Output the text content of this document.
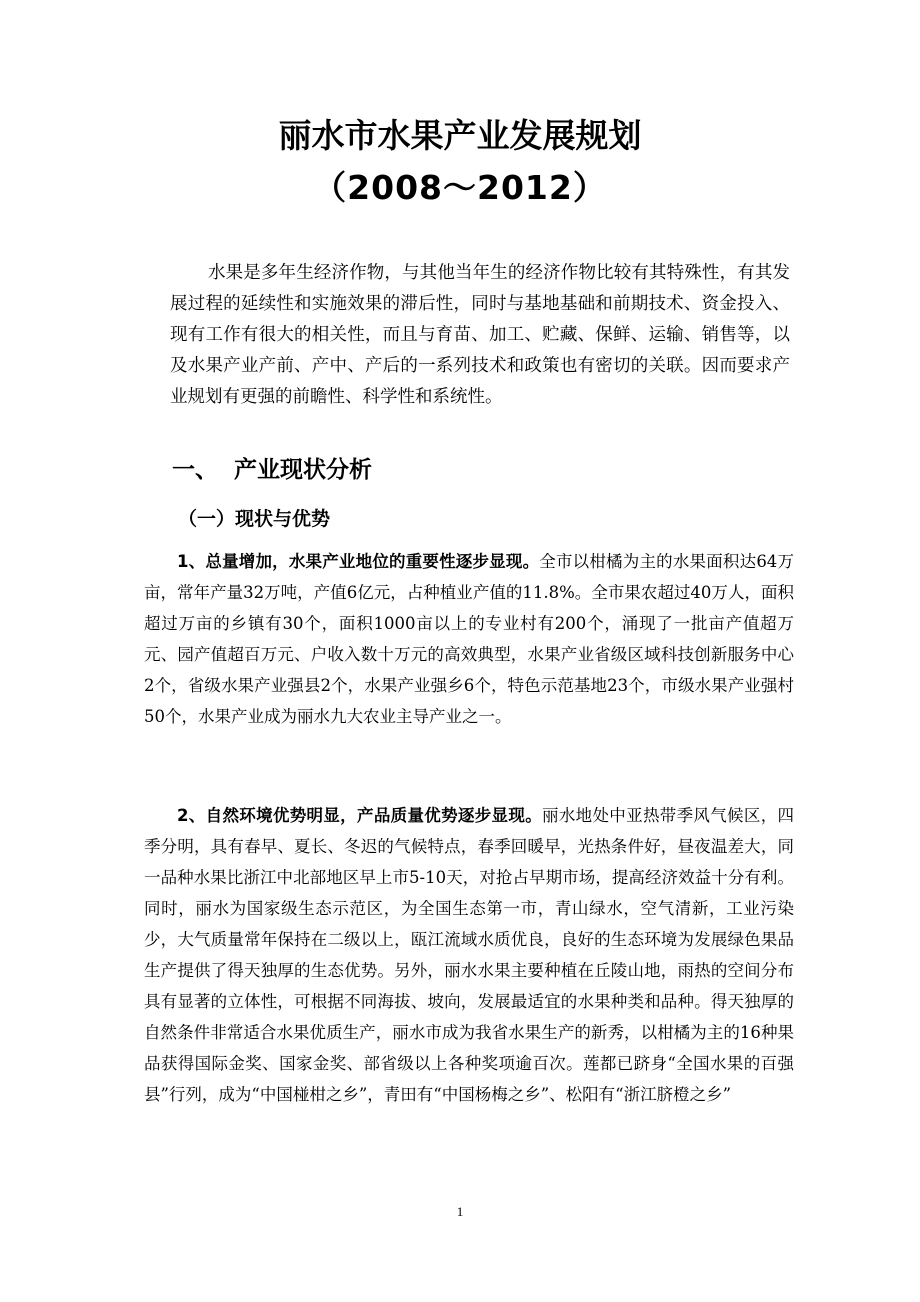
丽水市水果产业发展规划
（2008～2012）

水果是多年生经济作物，与其他当年生的经济作物比较有其特殊性，有其发展过程的延续性和实施效果的滞后性，同时与基地基础和前期技术、资金投入、现有工作有很大的相关性，而且与育苗、加工、贮藏、保鲜、运输、销售等，以及水果产业产前、产中、产后的一系列技术和政策也有密切的关联。因而要求产业规划有更强的前瞻性、科学性和系统性。

一、 产业现状分析
（一）现状与优势

1、总量增加，水果产业地位的重要性逐步显现。全市以柑橘为主的水果面积达64万亩，常年产量32万吨，产值6亿元，占种植业产值的11.8%。全市果农超过40万人，面积超过万亩的乡镇有30个，面积1000亩以上的专业村有200个，涌现了一批亩产值超万元、园产值超百万元、户收入数十万元的高效典型，水果产业省级区域科技创新服务中心2个，省级水果产业强县2个，水果产业强乡6个，特色示范基地23个，市级水果产业强村50个，水果产业成为丽水九大农业主导产业之一。

2、自然环境优势明显，产品质量优势逐步显现。丽水地处中亚热带季风气候区，四季分明，具有春早、夏长、冬迟的气候特点，春季回暖早，光热条件好，昼夜温差大，同一品种水果比浙江中北部地区早上市5-10天，对抢占早期市场，提高经济效益十分有利。同时，丽水为国家级生态示范区，为全国生态第一市，青山绿水，空气清新，工业污染少，大气质量常年保持在二级以上，瓯江流域水质优良，良好的生态环境为发展绿色果品生产提供了得天独厚的生态优势。另外，丽水水果主要种植在丘陵山地，雨热的空间分布具有显著的立体性，可根据不同海拔、坡向，发展最适宜的水果种类和品种。得天独厚的自然条件非常适合水果优质生产，丽水市成为我省水果生产的新秀，以柑橘为主的16种果品获得国际金奖、国家金奖、部省级以上各种奖项逾百次。莲都已跻身“全国水果的百强县”行列，成为“中国椪柑之乡”，青田有“中国杨梅之乡”、松阳有“浙江脐橙之乡”

1
